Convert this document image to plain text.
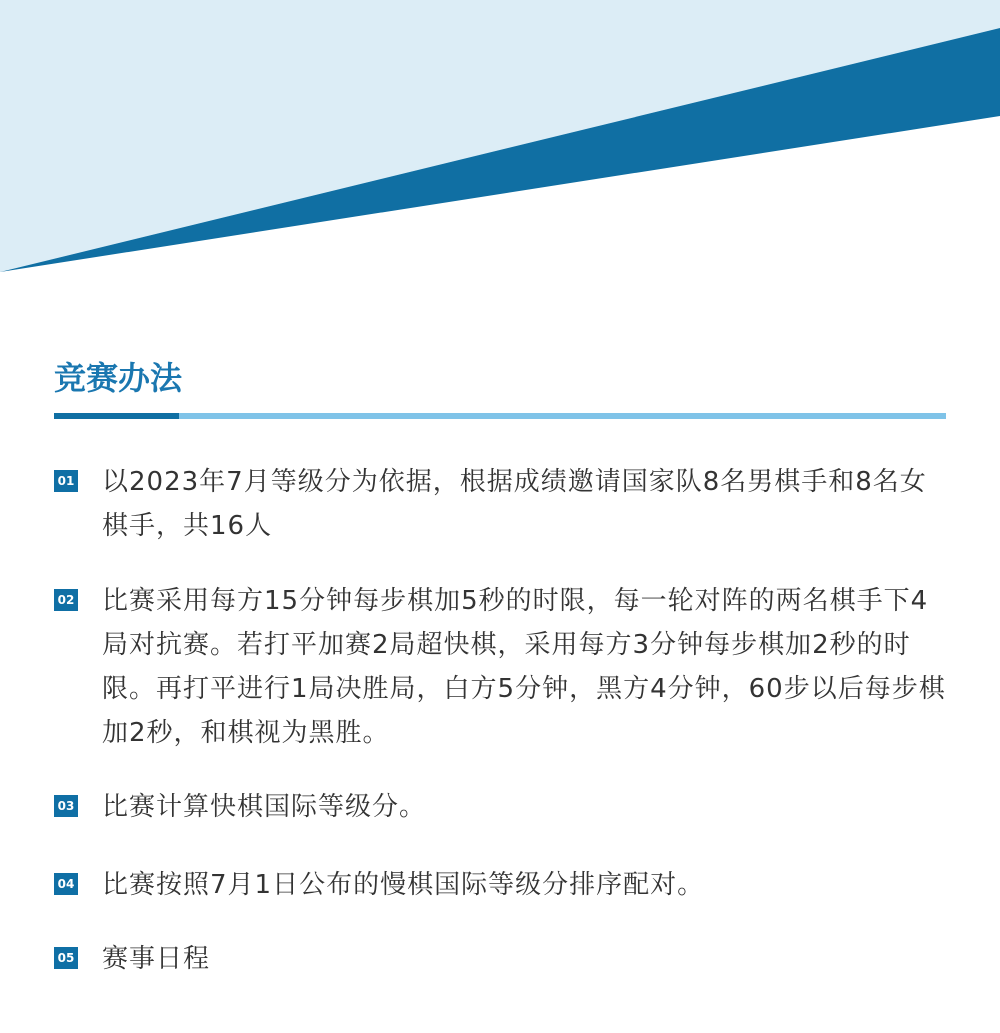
竞赛办法
01 以2023年7月等级分为依据，根据成绩邀请国家队8名男棋手和8名女棋手，共16人

02 比赛采用每方15分钟每步棋加5秒的时限，每一轮对阵的两名棋手下4局对抗赛。若打平加赛2局超快棋，采用每方3分钟每步棋加2秒的时限。再打平进行1局决胜局，白方5分钟，黑方4分钟，60步以后每步棋加2秒，和棋视为黑胜。

03 比赛计算快棋国际等级分。

04 比赛按照7月1日公布的慢棋国际等级分排序配对。

05 赛事日程
